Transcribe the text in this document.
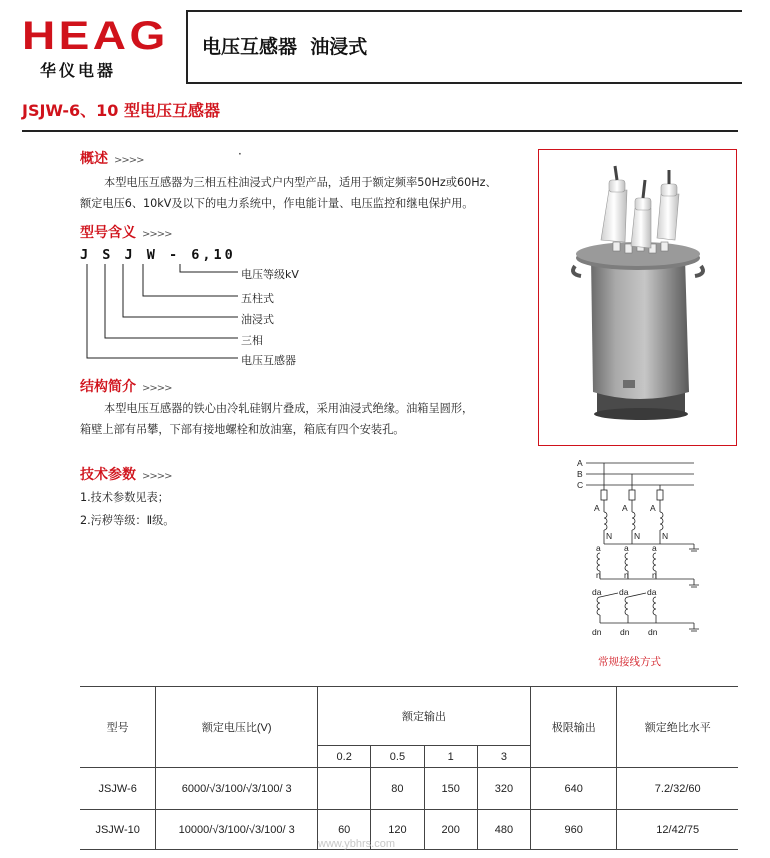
HEAG
华仪电器
电压互感器  油浸式
JSJW-6、10 型电压互感器
概述 >>>>	·
本型电压互感器为三相五柱油浸式户内型产品，适用于额定频率50Hz或60Hz、
额定电压6、10kV及以下的电力系统中，作电能计量、电压监控和继电保护用。
型号含义 >>>>
J S J W - 6,10
电压等级kV
五柱式
油浸式
三相
电压互感器
结构简介 >>>>
本型电压互感器的铁心由冷轧硅钢片叠成，采用油浸式绝缘。油箱呈圆形，
箱壁上部有吊攀，下部有接地螺栓和放油塞，箱底有四个安装孔。
技术参数 >>>>
1.技术参数见表；
2.污秽等级：Ⅱ级。
A
B
C
A	A	A
N	N	N
a	a	a
n	n	n
da da da
dn dn dn
常规接线方式
型号	额定电压比(V)	额定输出				极限输出	额定绝比水平
		0.2	0.5	1	3		
JSJW-6	6000/√3/100/√3/100/ 3		80	150	320	640	7.2/32/60
JSJW-10	10000/√3/100/√3/100/ 3	60	120	200	480	960	12/42/75
www.ybhrs.com
